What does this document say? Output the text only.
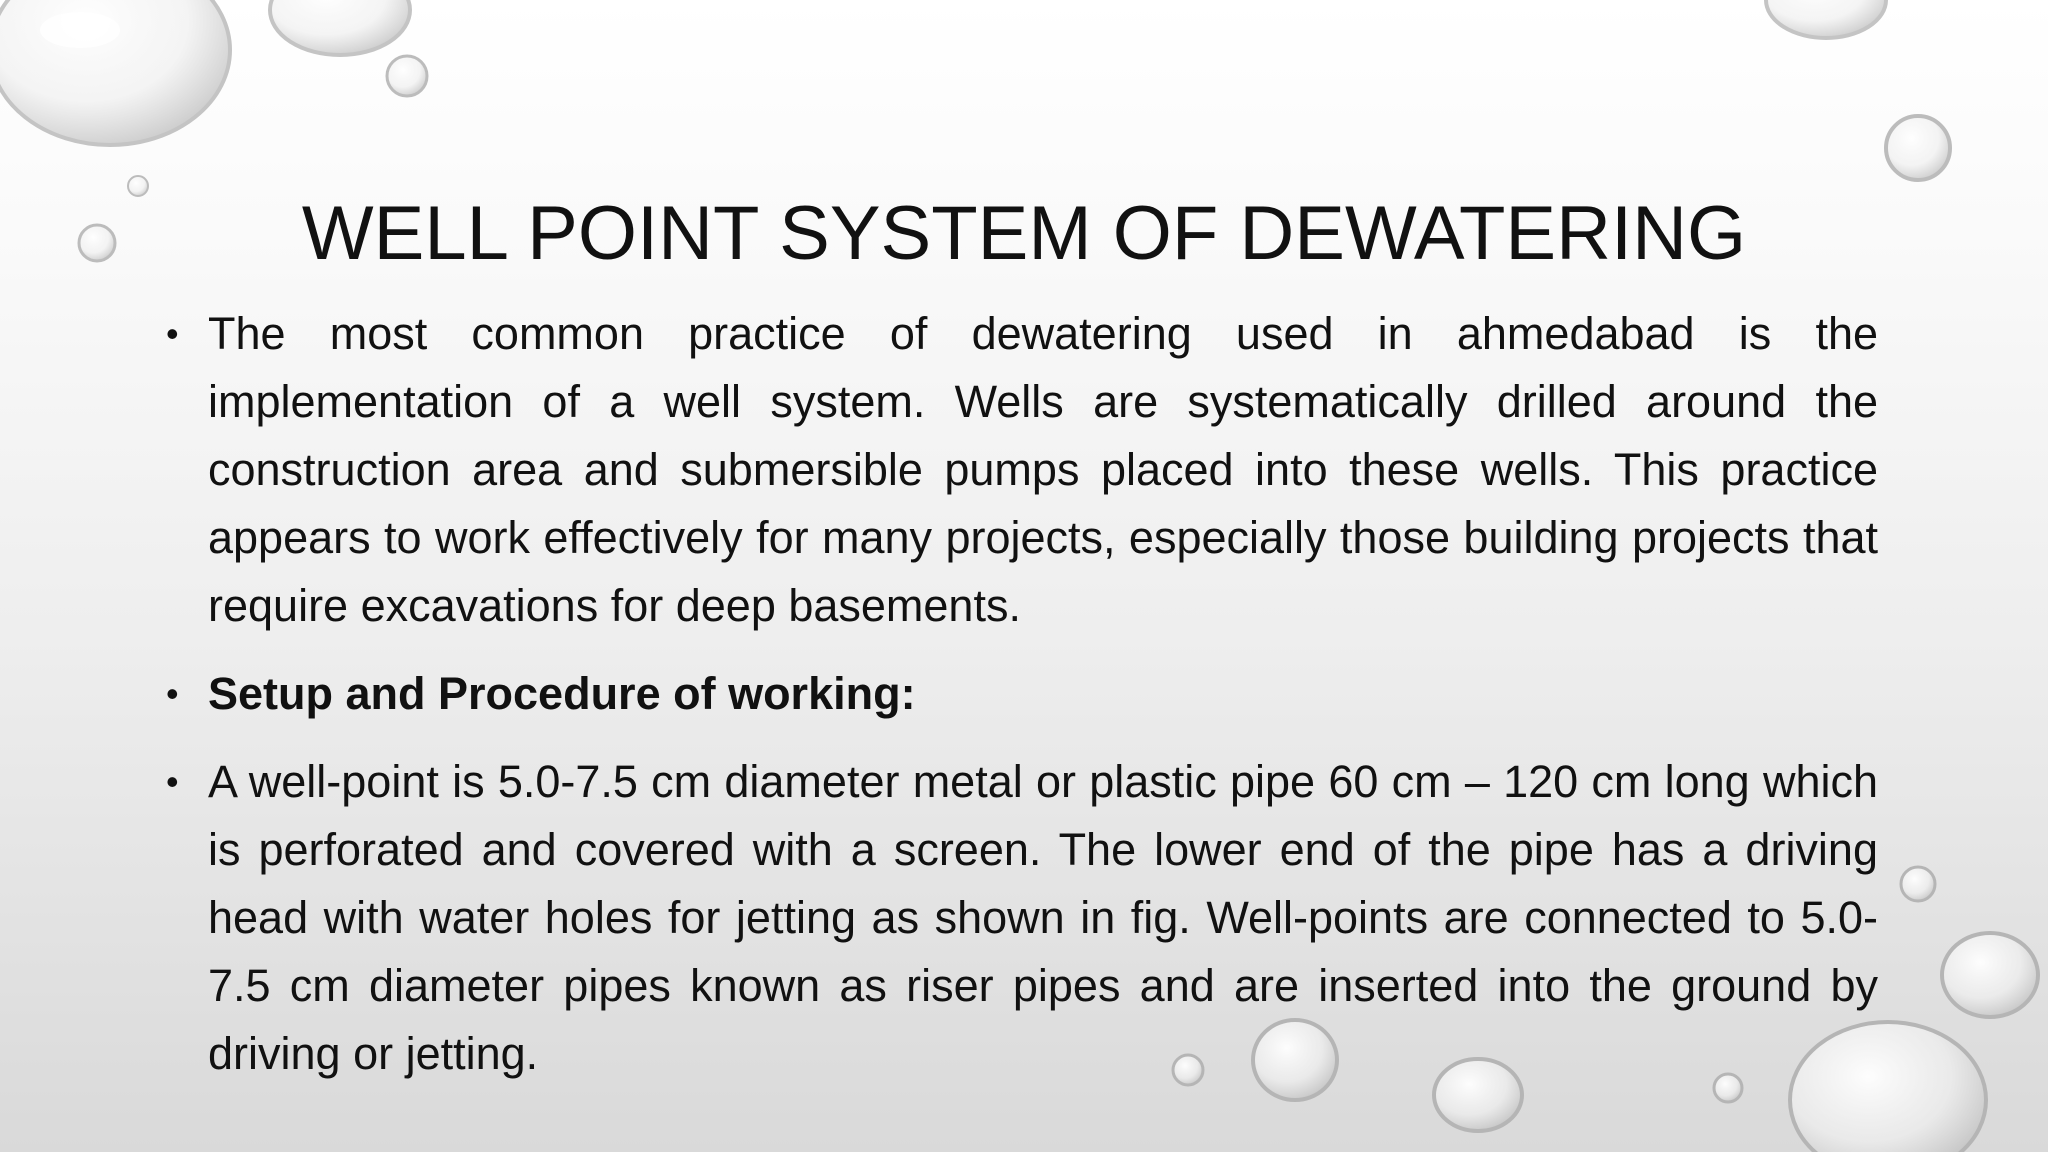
WELL POINT SYSTEM OF DEWATERING
• The most common practice of dewatering used in ahmedabad is the implementation of a well system. Wells are systematically drilled around the construction area and submersible pumps placed into these wells. This practice appears to work effectively for many projects, especially those building projects that require excavations for deep basements.
• Setup and Procedure of working:
• A well-point is 5.0-7.5 cm diameter metal or plastic pipe 60 cm – 120 cm long which is perforated and covered with a screen. The lower end of the pipe has a driving head with water holes for jetting as shown in fig. Well-points are connected to 5.0-7.5 cm diameter pipes known as riser pipes and are inserted into the ground by driving or jetting.
